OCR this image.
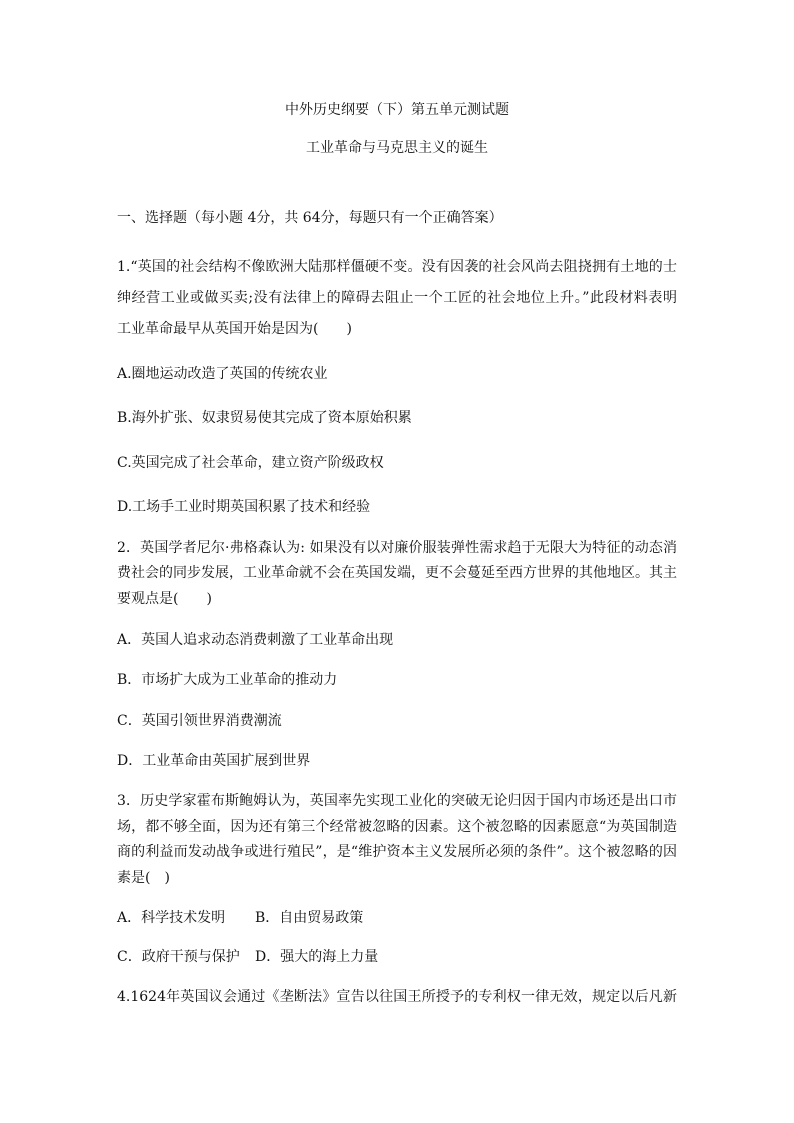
中外历史纲要（下）第五单元测试题
工业革命与马克思主义的诞生
一、选择题（每小题 4分，共 64分，每题只有一个正确答案）
1.“英国的社会结构不像欧洲大陆那样僵硬不变。没有因袭的社会风尚去阻挠拥有土地的士
绅经营工业或做买卖;没有法律上的障碍去阻止一个工匠的社会地位上升。”此段材料表明
工业革命最早从英国开始是因为(　　)
A.圈地运动改造了英国的传统农业
B.海外扩张、奴隶贸易使其完成了资本原始积累
C.英国完成了社会革命，建立资产阶级政权
D.工场手工业时期英国积累了技术和经验
2．英国学者尼尔·弗格森认为: 如果没有以对廉价服装弹性需求趋于无限大为特征的动态消
费社会的同步发展，工业革命就不会在英国发端，更不会蔓延至西方世界的其他地区。其主
要观点是(　　)
A．英国人追求动态消费刺激了工业革命出现
B．市场扩大成为工业革命的推动力
C．英国引领世界消费潮流
D．工业革命由英国扩展到世界
3．历史学家霍布斯鲍姆认为，英国率先实现工业化的突破无论归因于国内市场还是出口市
场，都不够全面，因为还有第三个经常被忽略的因素。这个被忽略的因素愿意“为英国制造
商的利益而发动战争或进行殖民”，是“维护资本主义发展所必须的条件”。这个被忽略的因
素是(　)
A．科学技术发明 B．自由贸易政策
C．政府干预与保护 D．强大的海上力量
4.1624年英国议会通过《垄断法》宣告以往国王所授予的专利权一律无效，规定以后凡新
